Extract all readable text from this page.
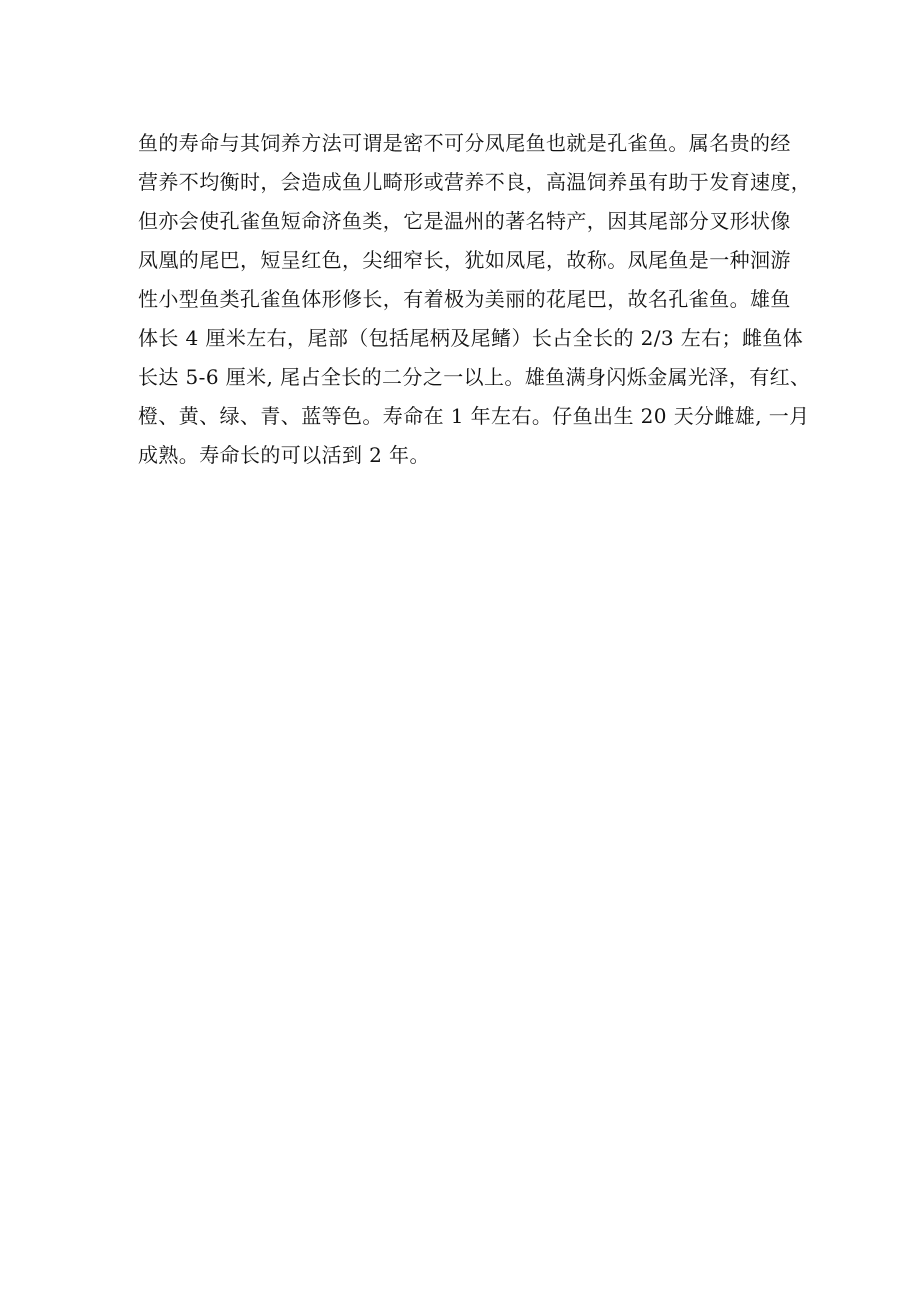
鱼的寿命与其饲养方法可谓是密不可分凤尾鱼也就是孔雀鱼。属名贵的经
营养不均衡时，会造成鱼儿畸形或营养不良，高温饲养虽有助于发育速度，
但亦会使孔雀鱼短命济鱼类，它是温州的著名特产，因其尾部分叉形状像
凤凰的尾巴，短呈红色，尖细窄长，犹如凤尾，故称。凤尾鱼是一种洄游
性小型鱼类孔雀鱼体形修长，有着极为美丽的花尾巴，故名孔雀鱼。雄鱼
体长 4 厘米左右，尾部（包括尾柄及尾鳍）长占全长的 2/3 左右；雌鱼体
长达 5-6 厘米, 尾占全长的二分之一以上。雄鱼满身闪烁金属光泽，有红、
橙、黄、绿、青、蓝等色。寿命在 1 年左右。仔鱼出生 20 天分雌雄, 一月
成熟。寿命长的可以活到 2 年。
